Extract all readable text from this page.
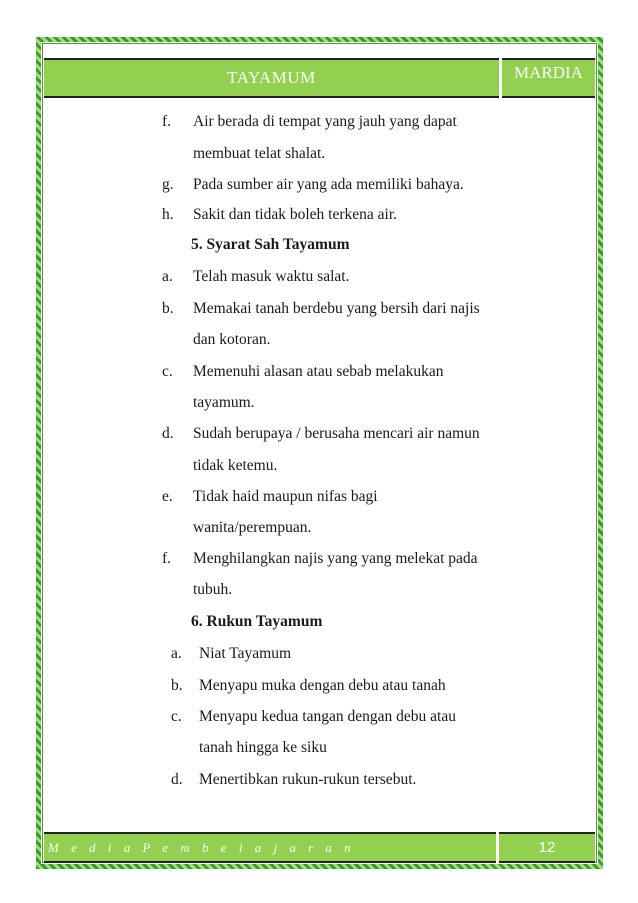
TAYAMUM	MARDIA
f. Air berada di tempat yang jauh yang dapat
membuat telat shalat.
g. Pada sumber air yang ada memiliki bahaya.
h. Sakit dan tidak boleh terkena air.
5. Syarat Sah Tayamum
a. Telah masuk waktu salat.
b. Memakai tanah berdebu yang bersih dari najis
dan kotoran.
c. Memenuhi alasan atau sebab melakukan
tayamum.
d. Sudah berupaya / berusaha mencari air namun
tidak ketemu.
e. Tidak haid maupun nifas bagi
wanita/perempuan.
f. Menghilangkan najis yang yang melekat pada
tubuh.
6. Rukun Tayamum
a. Niat Tayamum
b. Menyapu muka dengan debu atau tanah
c. Menyapu kedua tangan dengan debu atau
tanah hingga ke siku
d. Menertibkan rukun-rukun tersebut.
M e d i a P e m b e l a j a r a n	12
